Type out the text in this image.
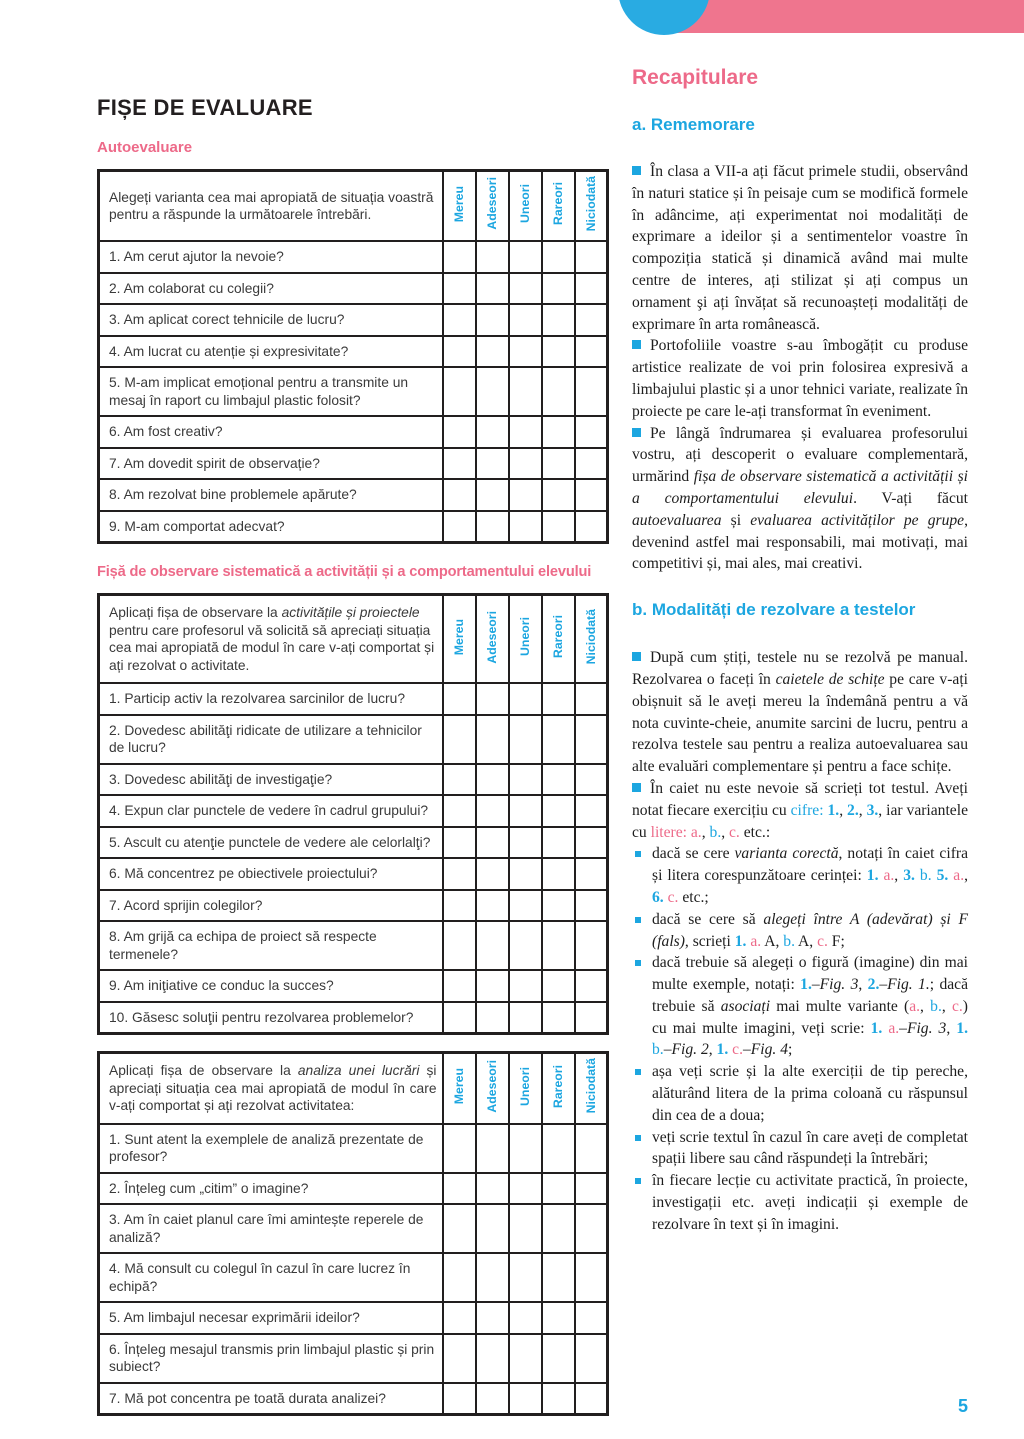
FIȘE DE EVALUARE
Autoevaluare
Alegeți varianta cea mai apropiată de situația voastră pentru a răspunde la următoarele întrebări.	Mereu	Adeseori	Uneori	Rareori	Niciodată
1. Am cerut ajutor la nevoie?					
2. Am colaborat cu colegii?					
3. Am aplicat corect tehnicile de lucru?					
4. Am lucrat cu atenție și expresivitate?					
5. M-am implicat emoțional pentru a transmite un mesaj în raport cu limbajul plastic folosit?					
6. Am fost creativ?					
7. Am dovedit spirit de observație?					
8. Am rezolvat bine problemele apărute?					
9. M-am comportat adecvat?					
Fișă de observare sistematică a activității și a comportamentului elevului
Aplicați fișa de observare la activitățile și proiectele pentru care profesorul vă solicită să apreciați situația cea mai apropiată de modul în care v-ați comportat și ați rezolvat o activitate.	Mereu	Adeseori	Uneori	Rareori	Niciodată
1. Particip activ la rezolvarea sarcinilor de lucru?					
2. Dovedesc abilităţi ridicate de utilizare a tehnicilor de lucru?					
3. Dovedesc abilităţi de investigaţie?					
4. Expun clar punctele de vedere în cadrul grupului?					
5. Ascult cu atenţie punctele de vedere ale celorlalţi?					
6. Mă concentrez pe obiectivele proiectului?					
7. Acord sprijin colegilor?					
8. Am grijă ca echipa de proiect să respecte termenele?					
9. Am iniţiative ce conduc la succes?					
10. Găsesc soluţii pentru rezolvarea problemelor?					
Aplicați fișa de observare la analiza unei lucrări și apreciați situația cea mai apropiată de modul în care v-ați comportat și ați rezolvat activitatea:	Mereu	Adeseori	Uneori	Rareori	Niciodată
1. Sunt atent la exemplele de analiză prezentate de profesor?					
2. Înțeleg cum „citim” o imagine?					
3. Am în caiet planul care îmi amintește reperele de analiză?					
4. Mă consult cu colegul în cazul în care lucrez în echipă?					
5. Am limbajul necesar exprimării ideilor?					
6. Înțeleg mesajul transmis prin limbajul plastic și prin subiect?					
7. Mă pot concentra pe toată durata analizei?					
Recapitulare
a. Rememorare
În clasa a VII-a ați făcut primele studii, observând în naturi statice și în peisaje cum se modifică formele în adâncime, ați experimentat noi modalități de exprimare a ideilor și a sentimentelor voastre în compoziția statică și dinamică având mai multe centre de interes, ați stilizat și ați compus un ornament şi ați învățat să recunoașteți modalități de exprimare în arta românească.
Portofoliile voastre s-au îmbogățit cu produse artistice realizate de voi prin folosirea expresivă a limbajului plastic și a unor tehnici variate, realizate în proiecte pe care le-ați transformat în eveniment.
Pe lângă îndrumarea și evaluarea profesorului vostru, ați descoperit o evaluare complementară, urmărind fișa de observare sistematică a activității și a comportamentului elevului. V-ați făcut autoevaluarea și evaluarea activităților pe grupe, devenind astfel mai responsabili, mai motivați, mai competitivi și, mai ales, mai creativi.
b. Modalități de rezolvare a testelor
După cum știți, testele nu se rezolvă pe manual. Rezolvarea o faceți în caietele de schițe pe care v-ați obișnuit să le aveți mereu la îndemână pentru a vă nota cuvinte-cheie, anumite sarcini de lucru, pentru a rezolva testele sau pentru a realiza autoevaluarea sau alte evaluări complementare și pentru a face schițe.
În caiet nu este nevoie să scrieți tot testul. Aveți notat fiecare exercițiu cu cifre: 1., 2., 3., iar variantele cu litere: a., b., c. etc.:
dacă se cere varianta corectă, notați în caiet cifra și litera corespunzătoare cerinței: 1. a., 3. b. 5. a., 6. c. etc.;
dacă se cere să alegeți între A (adevărat) și F (fals), scrieți 1. a. A, b. A, c. F;
dacă trebuie să alegeți o figură (imagine) din mai multe exemple, notați: 1.–Fig. 3, 2.–Fig. 1.; dacă trebuie să asociați mai multe variante (a., b., c.) cu mai multe imagini, veți scrie: 1. a.–Fig. 3, 1. b.–Fig. 2, 1. c.–Fig. 4;
așa veți scrie și la alte exerciții de tip pereche, alăturând litera de la prima coloană cu răspunsul din cea de a doua;
veți scrie textul în cazul în care aveți de completat spații libere sau când răspundeți la întrebări;
în fiecare lecție cu activitate practică, în proiecte, investigații etc. aveți indicații și exemple de rezolvare în text și în imagini.
5
